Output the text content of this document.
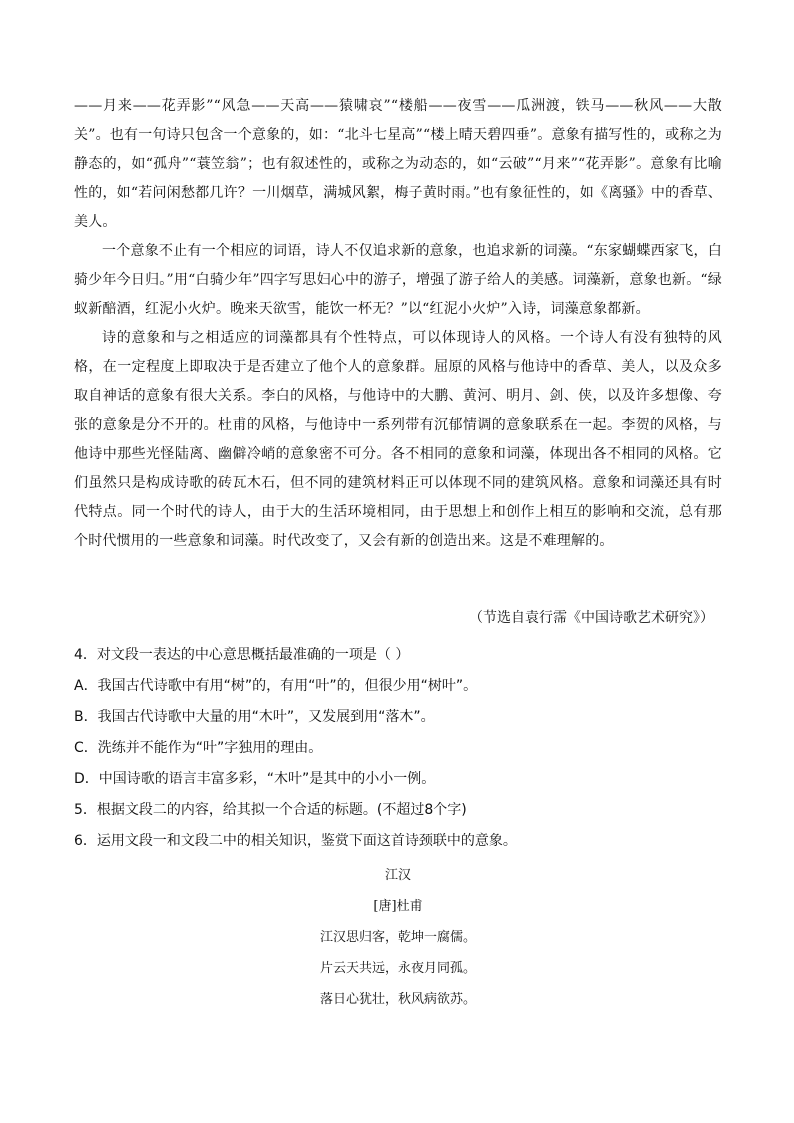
——月来——花弄影”“风急——天高——猿啸哀”“楼船——夜雪——瓜洲渡，铁马——秋风——大散关”。也有一句诗只包含一个意象的，如：“北斗七星高”“楼上晴天碧四垂”。意象有描写性的，或称之为静态的，如“孤舟”“蓑笠翁”；也有叙述性的，或称之为动态的，如“云破”“月来”“花弄影”。意象有比喻性的，如“若问闲愁都几许？一川烟草，满城风絮，梅子黄时雨。”也有象征性的，如《离骚》中的香草、美人。

一个意象不止有一个相应的词语，诗人不仅追求新的意象，也追求新的词藻。“东家蝴蝶西家飞，白骑少年今日归。”用“白骑少年”四字写思妇心中的游子，增强了游子给人的美感。词藻新，意象也新。“绿蚁新醅酒，红泥小火炉。晚来天欲雪，能饮一杯无？”以“红泥小火炉”入诗，词藻意象都新。

诗的意象和与之相适应的词藻都具有个性特点，可以体现诗人的风格。一个诗人有没有独特的风格，在一定程度上即取决于是否建立了他个人的意象群。屈原的风格与他诗中的香草、美人，以及众多取自神话的意象有很大关系。李白的风格，与他诗中的大鹏、黄河、明月、剑、侠，以及许多想像、夸张的意象是分不开的。杜甫的风格，与他诗中一系列带有沉郁情调的意象联系在一起。李贺的风格，与他诗中那些光怪陆离、幽僻冷峭的意象密不可分。各不相同的意象和词藻，体现出各不相同的风格。它们虽然只是构成诗歌的砖瓦木石，但不同的建筑材料正可以体现不同的建筑风格。意象和词藻还具有时代特点。同一个时代的诗人，由于大的生活环境相同，由于思想上和创作上相互的影响和交流，总有那个时代惯用的一些意象和词藻。时代改变了，又会有新的创造出来。这是不难理解的。

（节选自袁行霈《中国诗歌艺术研究》）

4．对文段一表达的中心意思概括最准确的一项是（ ）

A．我国古代诗歌中有用“树”的，有用“叶”的，但很少用“树叶”。

B．我国古代诗歌中大量的用“木叶”，又发展到用“落木”。

C．洗练并不能作为“叶”字独用的理由。

D．中国诗歌的语言丰富多彩，“木叶”是其中的小小一例。

5．根据文段二的内容，给其拟一个合适的标题。(不超过8个字)

6．运用文段一和文段二中的相关知识，鉴赏下面这首诗颈联中的意象。

江汉

[唐]杜甫

江汉思归客，乾坤一腐儒。

片云天共远，永夜月同孤。

落日心犹壮，秋风病欲苏。
